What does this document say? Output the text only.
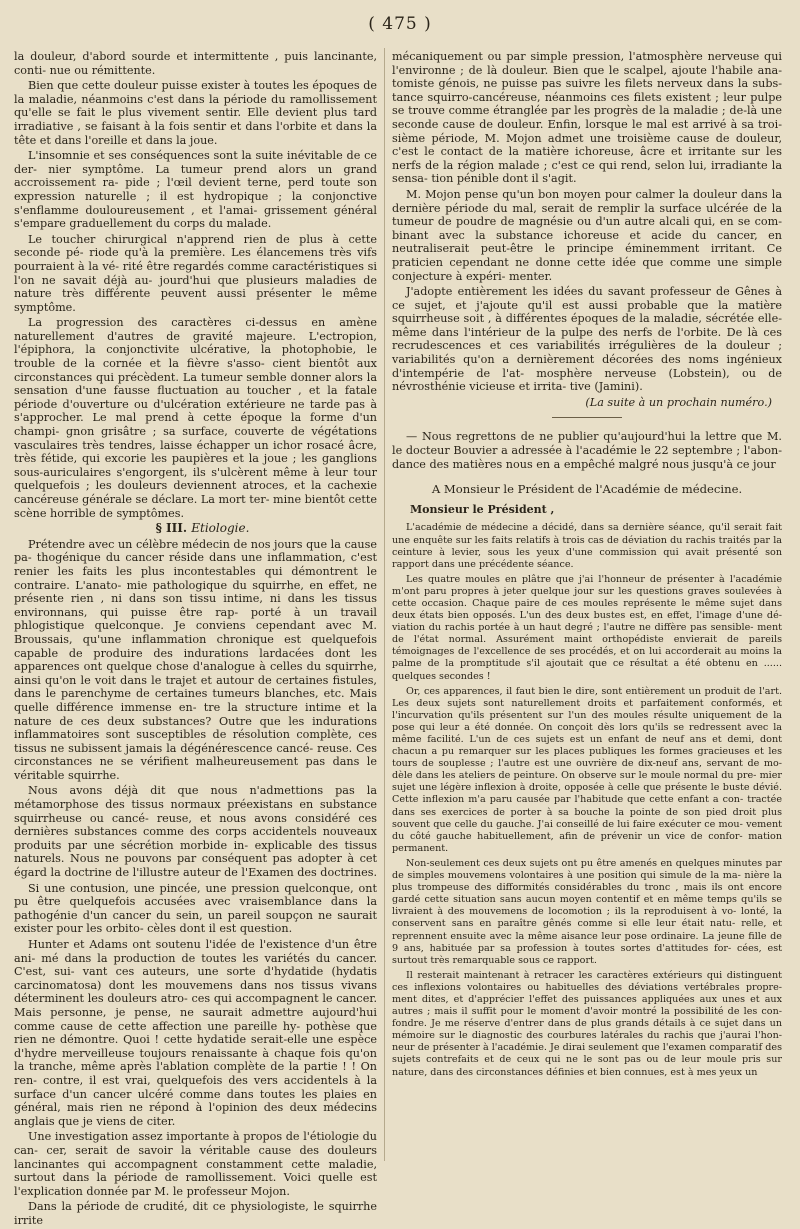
( 475 )

la douleur, d'abord sourde et intermittente , puis lancinante, conti- nue ou rémittente.

Bien que cette douleur puisse exister à toutes les époques de la maladie, néanmoins c'est dans la période du ramollissement qu'elle se fait le plus vivement sentir. Elle devient plus tard irradiative , se faisant à la fois sentir et dans l'orbite et dans la tête et dans l'oreille et dans la joue.

L'insomnie et ses conséquences sont la suite inévitable de ce der- nier symptôme. La tumeur prend alors un grand accroissement ra- pide ; l'œil devient terne, perd toute son expression naturelle ; il est hydropique ; la conjonctive s'enflamme douloureusement , et l'amai- grissement général s'empare graduellement du corps du malade.

Le toucher chirurgical n'apprend rien de plus à cette seconde pé- riode qu'à la première. Les élancemens très vifs pourraient à la vé- rité être regardés comme caractéristiques si l'on ne savait déjà au- jourd'hui que plusieurs maladies de nature très différente peuvent aussi présenter le même symptôme.

La progression des caractères ci-dessus en amène naturellement d'autres de gravité majeure. L'ectropion, l'épiphora, la conjonctivite ulcérative, la photophobie, le trouble de la cornée et la fièvre s'asso- cient bientôt aux circonstances qui précèdent. La tumeur semble donner alors la sensation d'une fausse fluctuation au toucher , et la fatale période d'ouverture ou d'ulcération extérieure ne tarde pas à s'approcher. Le mal prend à cette époque la forme d'un champi- gnon grisâtre ; sa surface, couverte de végétations vasculaires très tendres, laisse échapper un ichor rosacé âcre, très fétide, qui excorie les paupières et la joue ; les ganglions sous-auriculaires s'engorgent, ils s'ulcèrent même à leur tour quelquefois ; les douleurs deviennent atroces, et la cachexie cancéreuse générale se déclare. La mort ter- mine bientôt cette scène horrible de symptômes.

§ III. Etiologie.

Prétendre avec un célèbre médecin de nos jours que la cause pa- thogénique du cancer réside dans une inflammation, c'est renier les faits les plus incontestables qui démontrent le contraire. L'anato- mie pathologique du squirrhe, en effet, ne présente rien , ni dans son tissu intime, ni dans les tissus environnans, qui puisse être rap- porté à un travail phlogistique quelconque. Je conviens cependant avec M. Broussais, qu'une inflammation chronique est quelquefois capable de produire des indurations lardacées dont les apparences ont quelque chose d'analogue à celles du squirrhe, ainsi qu'on le voit dans le trajet et autour de certaines fistules, dans le parenchyme de certaines tumeurs blanches, etc. Mais quelle différence immense en- tre la structure intime et la nature de ces deux substances? Outre que les indurations inflammatoires sont susceptibles de résolution complète, ces tissus ne subissent jamais la dégénérescence cancé- reuse. Ces circonstances ne se vérifient malheureusement pas dans le véritable squirrhe.

Nous avons déjà dit que nous n'admettions pas la métamorphose des tissus normaux préexistans en substance squirrheuse ou cancé- reuse, et nous avons considéré ces dernières substances comme des corps accidentels nouveaux produits par une sécrétion morbide in- explicable des tissus naturels. Nous ne pouvons par conséquent pas adopter à cet égard la doctrine de l'illustre auteur de l'Examen des doctrines.

Si une contusion, une pincée, une pression quelconque, ont pu être quelquefois accusées avec vraisemblance dans la pathogénie d'un cancer du sein, un pareil soupçon ne saurait exister pour les orbito- cèles dont il est question.

Hunter et Adams ont soutenu l'idée de l'existence d'un être ani- mé dans la production de toutes les variétés du cancer. C'est, sui- vant ces auteurs, une sorte d'hydatide (hydatis carcinomatosa) dont les mouvemens dans nos tissus vivans déterminent les douleurs atro- ces qui accompagnent le cancer. Mais personne, je pense, ne saurait admettre aujourd'hui comme cause de cette affection une pareille hy- pothèse que rien ne démontre. Quoi ! cette hydatide serait-elle une espèce d'hydre merveilleuse toujours renaissante à chaque fois qu'on la tranche, même après l'ablation complète de la partie ! ! On ren- contre, il est vrai, quelquefois des vers accidentels à la surface d'un cancer ulcéré comme dans toutes les plaies en général, mais rien ne répond à l'opinion des deux médecins anglais que je viens de citer.

Une investigation assez importante à propos de l'étiologie du can- cer, serait de savoir la véritable cause des douleurs lancinantes qui accompagnent constamment cette maladie, surtout dans la période de ramollissement. Voici quelle est l'explication donnée par M. le professeur Mojon.

Dans la période de crudité, dit ce physiologiste, le squirrhe irrite

mécaniquement ou par simple pression, l'atmosphère nerveuse qui l'environne ; de là douleur. Bien que le scalpel, ajoute l'habile ana- tomiste génois, ne puisse pas suivre les filets nerveux dans la subs- tance squirro-cancéreuse, néanmoins ces filets existent ; leur pulpe se trouve comme étranglée par les progrès de la maladie ; de-là une seconde cause de douleur. Enfin, lorsque le mal est arrivé à sa troi- sième période, M. Mojon admet une troisième cause de douleur, c'est le contact de la matière ichoreuse, âcre et irritante sur les nerfs de la région malade ; c'est ce qui rend, selon lui, irradiante la sensa- tion pénible dont il s'agit.

M. Mojon pense qu'un bon moyen pour calmer la douleur dans la dernière période du mal, serait de remplir la surface ulcérée de la tumeur de poudre de magnésie ou d'un autre alcali qui, en se com- binant avec la substance ichoreuse et acide du cancer, en neutraliserait peut-être le principe éminemment irritant. Ce praticien cependant ne donne cette idée que comme une simple conjecture à expéri- menter.

J'adopte entièrement les idées du savant professeur de Gênes à ce sujet, et j'ajoute qu'il est aussi probable que la matière squirrheuse soit , à différentes époques de la maladie, sécrétée elle-même dans l'intérieur de la pulpe des nerfs de l'orbite. De là ces recrudescences et ces variabilités irrégulières de la douleur ; variabilités qu'on a dernièrement décorées des noms ingénieux d'intempérie de l'at- mosphère nerveuse (Lobstein), ou de névrosthénie vicieuse et irrita- tive (Jamini).

(La suite à un prochain numéro.)

— Nous regrettons de ne publier qu'aujourd'hui la lettre que M. le docteur Bouvier a adressée à l'académie le 22 septembre ; l'abon- dance des matières nous en a empêché malgré nous jusqu'à ce jour

A Monsieur le Président de l'Académie de médecine.
Monsieur le Président ,

L'académie de médecine a décidé, dans sa dernière séance, qu'il serait fait une enquête sur les faits relatifs à trois cas de déviation du rachis traités par la ceinture à levier, sous les yeux d'une commission qui avait présenté son rapport dans une précédente séance.

Les quatre moules en plâtre que j'ai l'honneur de présenter à l'académie m'ont paru propres à jeter quelque jour sur les questions graves soulevées à cette occasion. Chaque paire de ces moules représente le même sujet dans deux états bien opposés. L'un des deux bustes est, en effet, l'image d'une dé- viation du rachis portée à un haut degré ; l'autre ne diffère pas sensible- ment de l'état normal. Assurément maint orthopédiste envierait de pareils témoignages de l'excellence de ses procédés, et on lui accorderait au moins la palme de la promptitude s'il ajoutait que ce résultat a été obtenu en ...... quelques secondes !

Or, ces apparences, il faut bien le dire, sont entièrement un produit de l'art. Les deux sujets sont naturellement droits et parfaitement conformés, et l'incurvation qu'ils présentent sur l'un des moules résulte uniquement de la pose qui leur a été donnée. On conçoit dès lors qu'ils se redressent avec la même facilité. L'un de ces sujets est un enfant de neuf ans et demi, dont chacun a pu remarquer sur les places publiques les formes gracieuses et les tours de souplesse ; l'autre est une ouvrière de dix-neuf ans, servant de mo- dèle dans les ateliers de peinture. On observe sur le moule normal du pre- mier sujet une légère inflexion à droite, opposée à celle que présente le buste dévié. Cette inflexion m'a paru causée par l'habitude que cette enfant a con- tractée dans ses exercices de porter à sa bouche la pointe de son pied droit plus souvent que celle du gauche. J'ai conseillé de lui faire exécuter ce mou- vement du côté gauche habituellement, afin de prévenir un vice de confor- mation permanent.

Non-seulement ces deux sujets ont pu être amenés en quelques minutes par de simples mouvemens volontaires à une position qui simule de la ma- nière la plus trompeuse des difformités considérables du tronc , mais ils ont encore gardé cette situation sans aucun moyen contentif et en même temps qu'ils se livraient à des mouvemens de locomotion ; ils la reproduisent à vo- lonté, la conservent sans en paraître gênés comme si elle leur était natu- relle, et reprennent ensuite avec la même aisance leur pose ordinaire. La jeune fille de 9 ans, habituée par sa profession à toutes sortes d'attitudes for- cées, est surtout très remarquable sous ce rapport.

Il resterait maintenant à retracer les caractères extérieurs qui distinguent ces inflexions volontaires ou habituelles des déviations vertébrales propre- ment dites, et d'apprécier l'effet des puissances appliquées aux unes et aux autres ; mais il suffit pour le moment d'avoir montré la possibilité de les con- fondre. Je me réserve d'entrer dans de plus grands détails à ce sujet dans un mémoire sur le diagnostic des courbures latérales du rachis que j'aurai l'hon- neur de présenter à l'académie. Je dirai seulement que l'examen comparatif des sujets contrefaits et de ceux qui ne le sont pas ou de leur moule pris sur nature, dans des circonstances définies et bien connues, est à mes yeux un
